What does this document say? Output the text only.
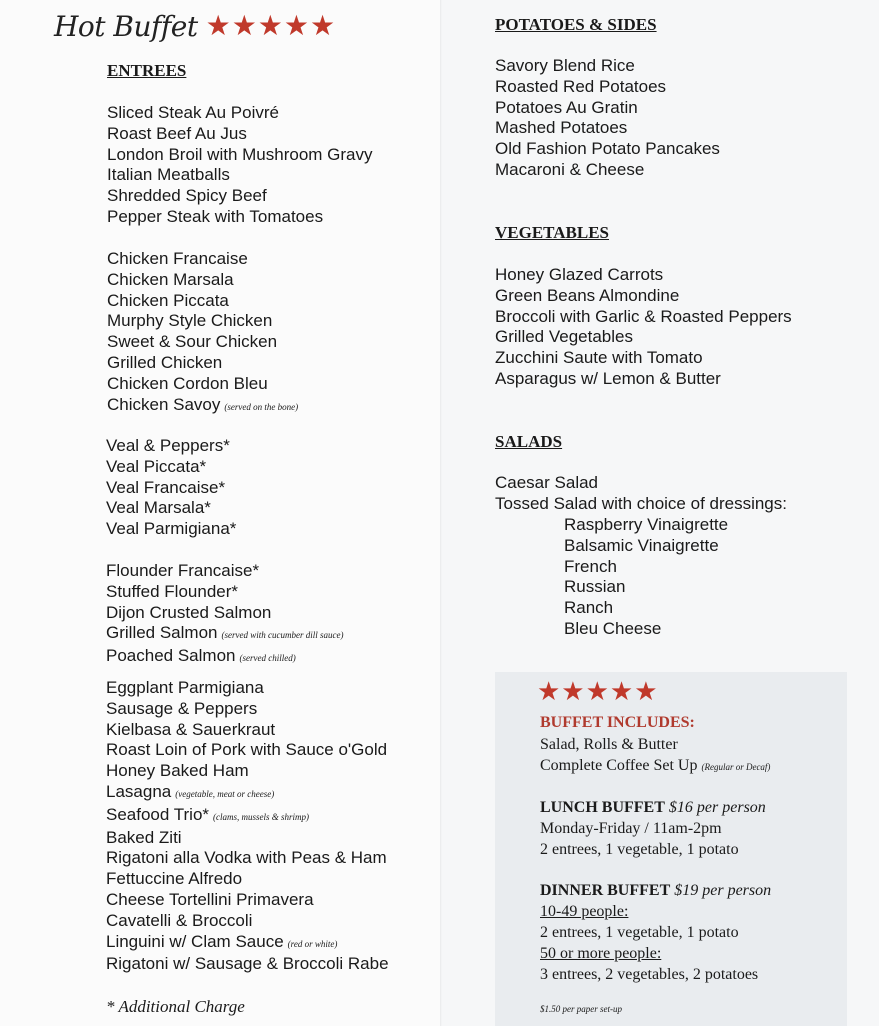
Hot Buffet ★★★★★
ENTREES
Sliced Steak Au Poivré
Roast Beef Au Jus
London Broil with Mushroom Gravy
Italian Meatballs
Shredded Spicy Beef
Pepper Steak with Tomatoes
Chicken Francaise
Chicken Marsala
Chicken Piccata
Murphy Style Chicken
Sweet & Sour Chicken
Grilled Chicken
Chicken Cordon Bleu
Chicken Savoy (served on the bone)
Veal & Peppers*
Veal Piccata*
Veal Francaise*
Veal Marsala*
Veal Parmigiana*
Flounder Francaise*
Stuffed Flounder*
Dijon Crusted Salmon
Grilled Salmon (served with cucumber dill sauce)
Poached Salmon (served chilled)
Eggplant Parmigiana
Sausage & Peppers
Kielbasa & Sauerkraut
Roast Loin of Pork with Sauce o'Gold
Honey Baked Ham
Lasagna (vegetable, meat or cheese)
Seafood Trio* (clams, mussels & shrimp)
Baked Ziti
Rigatoni alla Vodka with Peas & Ham
Fettuccine Alfredo
Cheese Tortellini Primavera
Cavatelli & Broccoli
Linguini w/ Clam Sauce (red or white)
Rigatoni w/ Sausage & Broccoli Rabe
* Additional Charge
POTATOES & SIDES
Savory Blend Rice
Roasted Red Potatoes
Potatoes Au Gratin
Mashed Potatoes
Old Fashion Potato Pancakes
Macaroni & Cheese
VEGETABLES
Honey Glazed Carrots
Green Beans Almondine
Broccoli with Garlic & Roasted Peppers
Grilled Vegetables
Zucchini Saute with Tomato
Asparagus w/ Lemon & Butter
SALADS
Caesar Salad
Tossed Salad with choice of dressings:
Raspberry Vinaigrette
Balsamic Vinaigrette
French
Russian
Ranch
Bleu Cheese
★★★★★
BUFFET INCLUDES:
Salad, Rolls & Butter
Complete Coffee Set Up (Regular or Decaf)
LUNCH BUFFET $16 per person
Monday-Friday / 11am-2pm
2 entrees, 1 vegetable, 1 potato
DINNER BUFFET $19 per person
10-49 people:
2 entrees, 1 vegetable, 1 potato
50 or more people:
3 entrees, 2 vegetables, 2 potatoes
$1.50 per paper set-up
